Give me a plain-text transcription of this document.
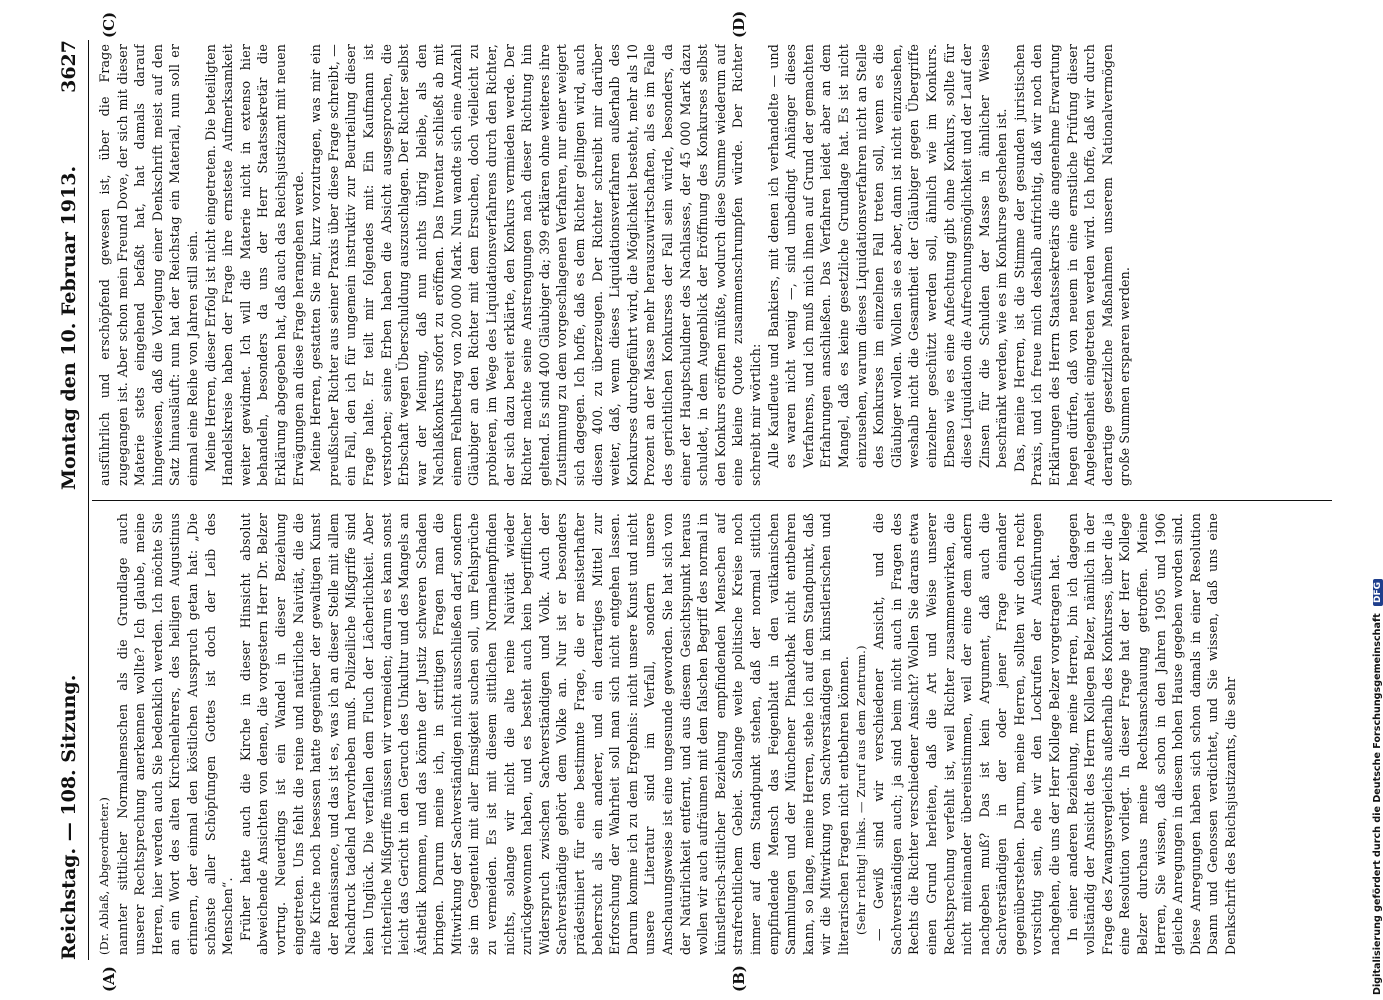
Reichstag. — 108. Sitzung.
Montag den 10. Februar 1913.
3627
(A)	(B)
(C)	(D)

(Dr. Ablaß, Abgeordneter.) nannter sittlicher Normalmenschen als die Grundlage auch unserer Rechtsprechung anerkennen wollte? Ich glaube, meine Herren, hier werden auch Sie bedenklich werden. Ich möchte Sie an ein Wort des alten Kirchenlehrers, des heiligen Augustinus erinnern, der einmal den köstlichen Ausspruch getan hat: „Die schönste aller Schöpfungen Gottes ist doch der Leib des Menschen“. Früher hatte auch die Kirche in dieser Hinsicht absolut abweichende Ansichten von denen, die vorgestern Herr Dr. Belzer vortrug. Neuerdings ist ein Wandel in dieser Beziehung eingetreten. Uns fehlt die reine und natürliche Naivität, die die alte Kirche noch besessen hatte gegenüber der gewaltigen Kunst der Renaissance, und das ist es, was ich an dieser Stelle mit allem Nachdruck tadelnd hervorheben muß. Polizeiliche Mißgriffe sind kein Unglück. Die verfallen dem Fluch der Lächerlichkeit. Aber richterliche Mißgriffe müssen wir vermeiden; darum es kann sonst leicht das Gericht in den Geruch des Unkultur und des Mangels an Ästhetik kommen, und das könnte der Justiz schweren Schaden bringen. Darum meine ich, in strittigen Fragen man die Mitwirkung der Sachverständigen nicht ausschließen darf, sondern sie im Gegenteil mit aller Emsigkeit suchen soll, um Fehlsprüche zu vermeiden. Es ist mit diesem sittlichen Normalempfinden nichts, solange wir nicht die alte reine Naivität wieder zurückgewonnen haben, und es besteht auch kein begrifflicher Widerspruch zwischen Sachverständigen und Volk. Auch der Sachverständige gehört dem Volke an. Nur ist er besonders prädestiniert für eine bestimmte Frage, die er meisterhafter beherrscht als ein anderer, und ein derartiges Mittel zur Erforschung der Wahrheit soll man sich nicht entgehen lassen. Darum komme ich zu dem Ergebnis: nicht unsere Kunst und nicht unsere Literatur sind im Verfall, sondern unsere Anschauungsweise ist eine ungesunde geworden. Sie hat sich von der Natürlichkeit entfernt, und aus diesem Gesichtspunkt heraus wollen wir auch aufräumen mit dem falschen Begriff des normal in künstlerisch-sittlicher Beziehung empfindenden Menschen auf strafrechtlichem Gebiet. Solange weite politische Kreise noch immer auf dem Standpunkt stehen, daß der normal sittlich empfindende Mensch das Feigenblatt in den vatikanischen Sammlungen und der Münchener Pinakothek nicht entbehren kann, so lange, meine Herren, stehe ich auf dem Standpunkt, daß wir die Mitwirkung von Sachverständigen in künstlerischen und literarischen Fragen nicht entbehren können. (Sehr richtig! links. — Zuruf aus dem Zentrum.) — Gewiß sind wir verschiedener Ansicht, und die Sachverständigen auch; ja sind beim nicht auch in Fragen des Rechts die Richter verschiedener Ansicht? Wollen Sie darans etwa einen Grund herleiten, daß die Art und Weise unserer Rechtsprechung verfehlt ist, weil Richter zusammenwirken, die nicht miteinander übereinstimmen, weil der eine dem andern nachgeben muß? Das ist kein Argument, daß auch die Sachverständigen in der oder jener Frage einander gegenüberstehen. Darum, meine Herren, sollten wir doch recht vorsichtig sein, ehe wir den Lockrufen der Ausführungen nachgehen, die uns der Herr Kollege Belzer vorgetragen hat. In einer anderen Beziehung, meine Herren, bin ich dagegen vollständig der Ansicht des Herrn Kollegen Belzer, nämlich in der Frage des Zwangsvergleichs außerhalb des Konkurses, über die ja eine Resolution vorliegt. In dieser Frage hat der Herr Kollege Belzer durchaus meine Rechtsanschauung getroffen. Meine Herren, Sie wissen, daß schon in den Jahren 1905 und 1906 gleiche Anregungen in diesem hohen Hause gegeben worden sind. Diese Anregungen haben sich schon damals in einer Resolution Dsann und Genossen verdichtet, und Sie wissen, daß uns eine Denkschrift des Reichsjustizamts, die sehr

ausführlich und erschöpfend gewesen ist, über die Frage zugegangen ist. Aber schon mein Freund Dove, der sich mit dieser Materie stets eingehend befaßt hat, hat damals darauf hingewiesen, daß die Vorlegung einer Denkschrift meist auf den Satz hinausläuft: nun hat der Reichstag ein Material, nun soll er einmal eine Reihe von Jahren still sein. Meine Herren, dieser Erfolg ist nicht eingetreten. Die beteiligten Handelskreise haben der Frage ihre ernsteste Aufmerksamkeit weiter gewidmet. Ich will die Materie nicht in extenso hier behandeln, besonders da uns der Herr Staatssekretär die Erklärung abgegeben hat, daß auch das Reichsjustizamt mit neuen Erwägungen an diese Frage herangehen werde. Meine Herren, gestatten Sie mir, kurz vorzutragen, was mir ein preußischer Richter aus seiner Praxis über diese Frage schreibt, — ein Fall, den ich für ungemein instruktiv zur Beurteilung dieser Frage halte. Er teilt mir folgendes mit: Ein Kaufmann ist verstorben; seine Erben haben die Absicht ausgesprochen, die Erbschaft wegen Überschuldung auszuschlagen. Der Richter selbst war der Meinung, daß nun nichts übrig bleibe, als den Nachlaßkonkurs sofort zu eröffnen. Das Inventar schließt ab mit einem Fehlbetrag von 200 000 Mark. Nun wandte sich eine Anzahl Gläubiger an den Richter mit dem Ersuchen, doch vielleicht zu probieren, im Wege des Liquidationsverfahrens durch den Richter, der sich dazu bereit erklärte, den Konkurs vermieden werde. Der Richter machte seine Anstrengungen nach dieser Richtung hin geltend. Es sind 400 Gläubiger da; 399 erklären ohne weiteres ihre Zustimmung zu dem vorgeschlagenen Verfahren, nur einer weigert sich dagegen. Ich hoffe, daß es dem Richter gelingen wird, auch diesen 400. zu überzeugen. Der Richter schreibt mir darüber weiter, daß, wenn dieses Liquidationsverfahren außerhalb des Konkurses durchgeführt wird, die Möglichkeit besteht, mehr als 10 Prozent an der Masse mehr herauszuwirtschaften, als es im Falle des gerichtlichen Konkurses der Fall sein würde, besonders, da einer der Hauptschuldner des Nachlasses, der 45 000 Mark dazu schuldet, in dem Augenblick der Eröffnung des Konkurses selbst den Konkurs eröffnen müßte, wodurch diese Summe wiederum auf eine kleine Quote zusammenschrumpfen würde. Der Richter schreibt mir wörtlich: Alle Kaufleute und Bankiers, mit denen ich verhandelte — und es waren nicht wenig —, sind unbedingt Anhänger dieses Verfahrens, und ich muß mich ihnen auf Grund der gemachten Erfahrungen anschließen. Das Verfahren leidet aber an dem Mangel, daß es keine gesetzliche Grundlage hat. Es ist nicht einzusehen, warum dieses Liquidationsverfahren nicht an Stelle des Konkurses im einzelnen Fall treten soll, wenn es die Gläubiger wollen. Wollen sie es aber, dann ist nicht einzusehen, weshalb nicht die Gesamtheit der Gläubiger gegen Übergriffe einzelner geschützt werden soll, ähnlich wie im Konkurs. Ebenso wie es eine Anfechtung gibt ohne Konkurs, sollte für diese Liquidation die Aufrechnungsmöglichkeit und der Lauf der Zinsen für die Schulden der Masse in ähnlicher Weise beschränkt werden, wie es im Konkurse geschehen ist. Das, meine Herren, ist die Stimme der gesunden juristischen Praxis, und ich freue mich deshalb aufrichtig, daß wir noch den Erklärungen des Herrn Staatssekretärs die angenehme Erwartung hegen dürfen, daß von neuem in eine ernstliche Prüfung dieser Angelegenheit eingetreten werden wird. Ich hoffe, daß wir durch derartige gesetzliche Maßnahmen unserem Nationalvermögen große Summen ersparen werden.

Digitalisierung gefördert durch die Deutsche Forschungsgemeinschaft DFG
